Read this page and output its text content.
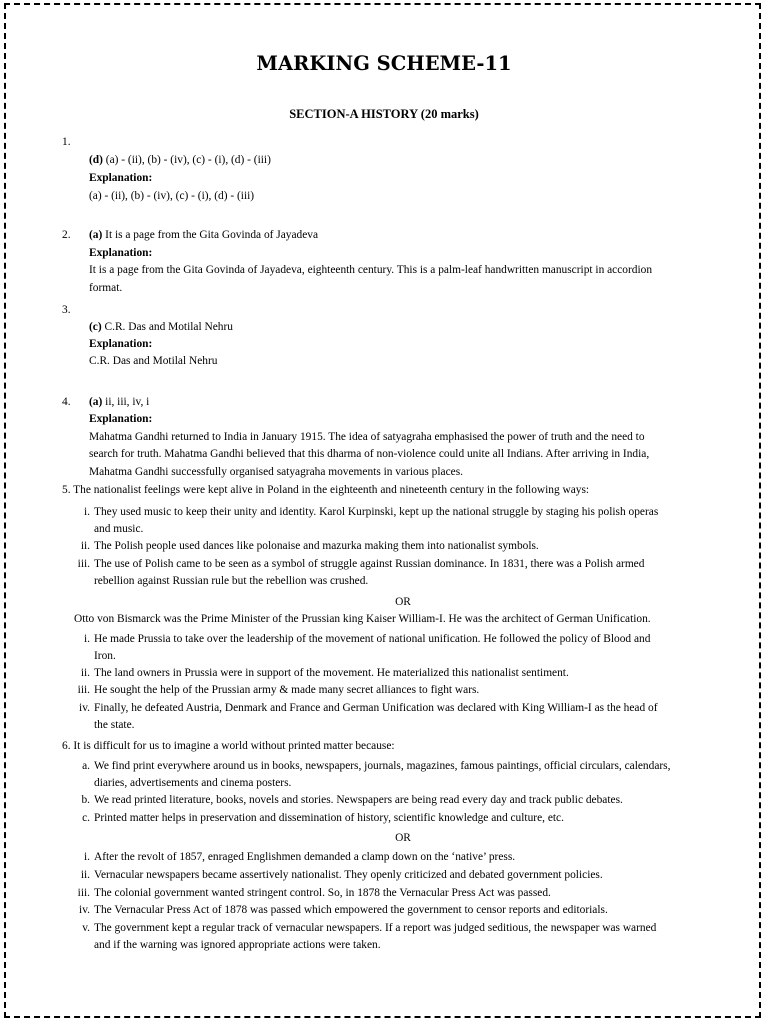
MARKING SCHEME-11
SECTION-A HISTORY (20 marks)
1.
(d) (a) - (ii), (b) - (iv), (c) - (i), (d) - (iii)
Explanation:
(a) - (ii), (b) - (iv), (c) - (i), (d) - (iii)
2. (a) It is a page from the Gita Govinda of Jayadeva
Explanation:
It is a page from the Gita Govinda of Jayadeva, eighteenth century. This is a palm-leaf handwritten manuscript in accordion
format.
3.
(c) C.R. Das and Motilal Nehru
Explanation:
C.R. Das and Motilal Nehru
4. (a) ii, iii, iv, i
Explanation:
Mahatma Gandhi returned to India in January 1915. The idea of satyagraha emphasised the power of truth and the need to
search for truth. Mahatma Gandhi believed that this dharma of non-violence could unite all Indians. After arriving in India,
Mahatma Gandhi successfully organised satyagraha movements in various places.
5. The nationalist feelings were kept alive in Poland in the eighteenth and nineteenth century in the following ways:
i. They used music to keep their unity and identity. Karol Kurpinski, kept up the national struggle by staging his polish operas
and music.
ii. The Polish people used dances like polonaise and mazurka making them into nationalist symbols.
iii. The use of Polish came to be seen as a symbol of struggle against Russian dominance. In 1831, there was a Polish armed
rebellion against Russian rule but the rebellion was crushed.
OR
Otto von Bismarck was the Prime Minister of the Prussian king Kaiser William-I. He was the architect of German Unification.
i. He made Prussia to take over the leadership of the movement of national unification. He followed the policy of Blood and
Iron.
ii. The land owners in Prussia were in support of the movement. He materialized this nationalist sentiment.
iii. He sought the help of the Prussian army & made many secret alliances to fight wars.
iv. Finally, he defeated Austria, Denmark and France and German Unification was declared with King William-I as the head of
the state.
6. It is difficult for us to imagine a world without printed matter because:
a. We find print everywhere around us in books, newspapers, journals, magazines, famous paintings, official circulars, calendars,
diaries, advertisements and cinema posters.
b. We read printed literature, books, novels and stories. Newspapers are being read every day and track public debates.
c. Printed matter helps in preservation and dissemination of history, scientific knowledge and culture, etc.
OR
i. After the revolt of 1857, enraged Englishmen demanded a clamp down on the ‘native’ press.
ii. Vernacular newspapers became assertively nationalist. They openly criticized and debated government policies.
iii. The colonial government wanted stringent control. So, in 1878 the Vernacular Press Act was passed.
iv. The Vernacular Press Act of 1878 was passed which empowered the government to censor reports and editorials.
v. The government kept a regular track of vernacular newspapers. If a report was judged seditious, the newspaper was warned
and if the warning was ignored appropriate actions were taken.
